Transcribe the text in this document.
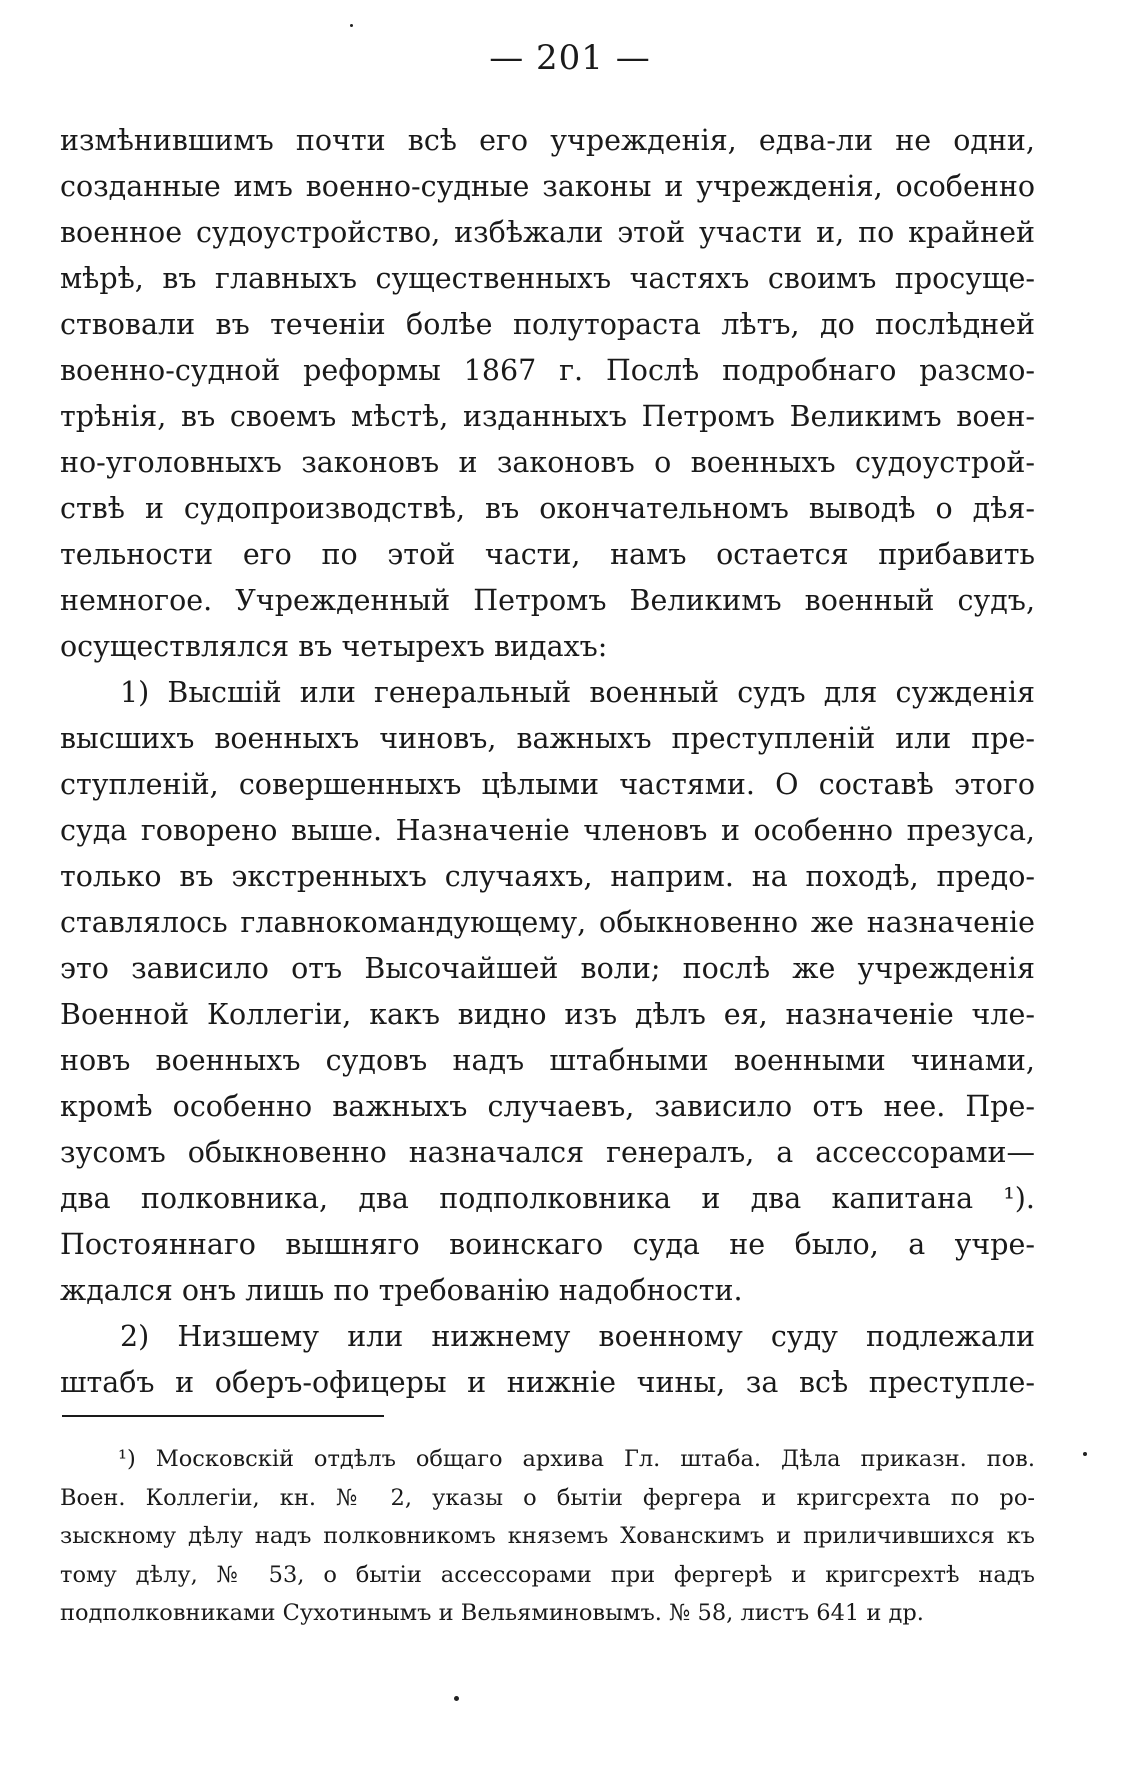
— 201 —
измѣнившимъ почти всѣ его учрежденія, едва-ли не одни,
созданные имъ военно-судные законы и учрежденія, особенно
военное судоустройство, избѣжали этой участи и, по крайней
мѣрѣ, въ главныхъ существенныхъ частяхъ своимъ просуще-
ствовали въ теченіи болѣе полутораста лѣтъ, до послѣдней
военно-судной реформы 1867 г. Послѣ подробнаго разсмо-
трѣнія, въ своемъ мѣстѣ, изданныхъ Петромъ Великимъ воен-
но-уголовныхъ законовъ и законовъ о военныхъ судоустрой-
ствѣ и судопроизводствѣ, въ окончательномъ выводѣ о дѣя-
тельности его по этой части, намъ остается прибавить
немногое. Учрежденный Петромъ Великимъ военный судъ,
осуществлялся въ четырехъ видахъ:
1) Высшій или генеральный военный судъ для сужденія
высшихъ военныхъ чиновъ, важныхъ преступленій или пре-
ступленій, совершенныхъ цѣлыми частями. О составѣ этого
суда говорено выше. Назначеніе членовъ и особенно презуса,
только въ экстренныхъ случаяхъ, наприм. на походѣ, предо-
ставлялось главнокомандующему, обыкновенно же назначеніе
это зависило отъ Высочайшей воли; послѣ же учрежденія
Военной Коллегіи, какъ видно изъ дѣлъ ея, назначеніе чле-
новъ военныхъ судовъ надъ штабными военными чинами,
кромѣ особенно важныхъ случаевъ, зависило отъ нее. Пре-
зусомъ обыкновенно назначался генералъ, а ассессорами—
два полковника, два подполковника и два капитана ¹).
Постояннаго вышняго воинскаго суда не было, а учре-
ждался онъ лишь по требованію надобности.
2) Низшему или нижнему военному суду подлежали
штабъ и оберъ-офицеры и нижніе чины, за всѣ преступле-
¹) Московскій отдѣлъ общаго архива Гл. штаба. Дѣла приказн. пов.
Воен. Коллегіи, кн. № 2, указы о бытіи фергера и кригсрехта по ро-
зыскному дѣлу надъ полковникомъ княземъ Хованскимъ и приличившихся къ
тому дѣлу, № 53, о бытіи ассессорами при фергерѣ и кригсрехтѣ надъ
подполковниками Сухотинымъ и Вельяминовымъ. № 58, листъ 641 и др.
